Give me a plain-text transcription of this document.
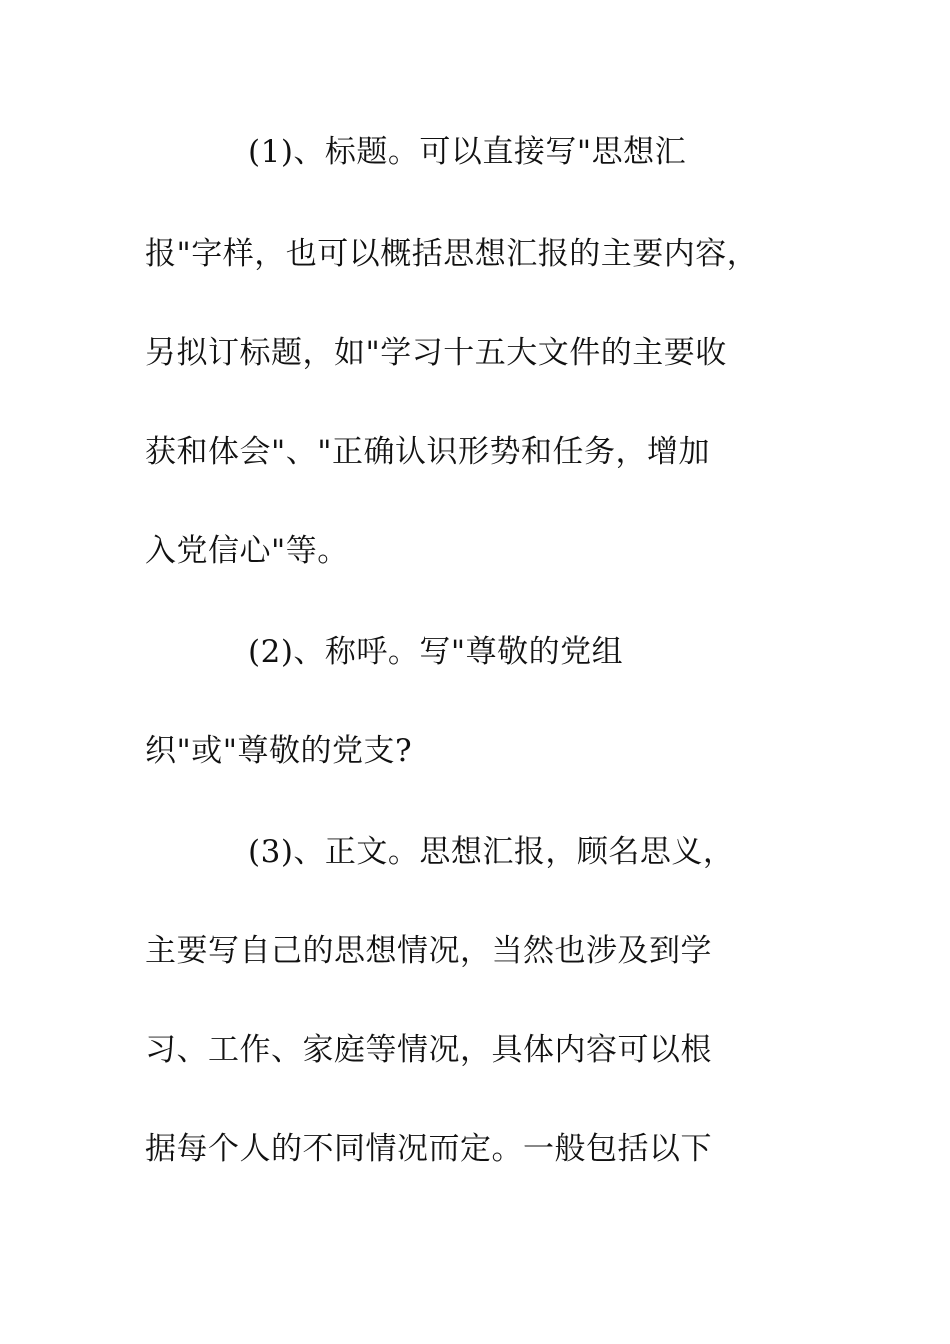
(1)、标题。可以直接写"思想汇
报"字样，也可以概括思想汇报的主要内容，
另拟订标题，如"学习十五大文件的主要收
获和体会"、"正确认识形势和任务，增加
入党信心"等。
(2)、称呼。写"尊敬的党组
织"或"尊敬的党支?
(3)、正文。思想汇报，顾名思义，
主要写自己的思想情况，当然也涉及到学
习、工作、家庭等情况，具体内容可以根
据每个人的不同情况而定。一般包括以下
